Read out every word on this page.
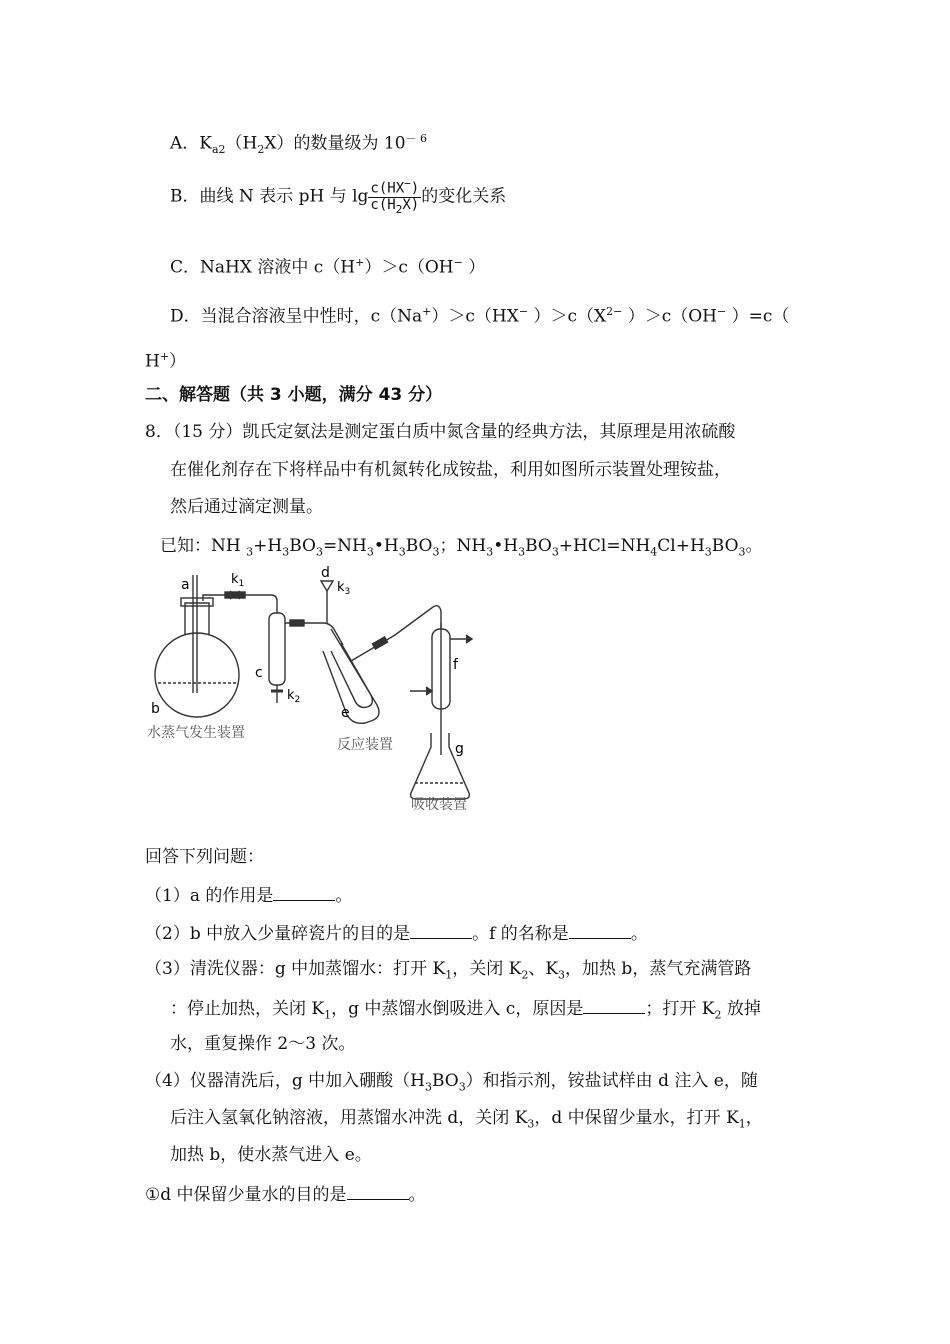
A．$K_{a2}(H_2X)$的数量级为 $10^{- 6}$
B．曲线 N 表示 pH 与 $\lg \frac{c(HX^-)}{c(H_2X)}$ 的变化关系
C．NaHX 溶液中 c（H+）＞c（OH− ）
D．当混合溶液呈中性时，c（Na+）＞c（HX− ）$>c(X^{2-}$ ）＞c（OH− ）=c（
H+）
二、解答题（共 3 小题，满分 43 分）
8．（15 分）凯氏定氨法是测定蛋白质中氮含量的经典方法，其原理是用浓硫酸
在催化剂存在下将样品中有机氮转化成铵盐，利用如图所示装置处理铵盐，
然后通过滴定测量。
已知：NH $_3+H_3BO_3=NH_3•H_3BO_3$；$NH_3•H_3BO_3+HCl=NH_4Cl+H_3BO_3$。
a	$k_1$
b
c
$k_2$
d
$k_3$
e
f
g
水蒸气发生装置
反应装置
吸收装置
回答下列问题：
（1）a 的作用是	。
（2）b 中放入少量碎瓷片的目的是	。f 的名称是	。
（3）清洗仪器：g 中加蒸馏水：打开 $K_1$，关闭 $K_2$、$K_3$，加热 b，蒸气充满管路
：停止加热，关闭 $K_1$，g 中蒸馏水倒吸进入 c，原因是	；打开 $K_2$ 放掉
水，重复操作 2～3 次。
（4）仪器清洗后，g 中加入硼酸$(H_3BO_3)$和指示剂，铵盐试样由 d 注入 e，随
后注入氢氧化钠溶液，用蒸馏水冲洗 d，关闭 $K_3$，d 中保留少量水，打开 $K_1$，
加热 b，使水蒸气进入 e。
①d 中保留少量水的目的是	。
